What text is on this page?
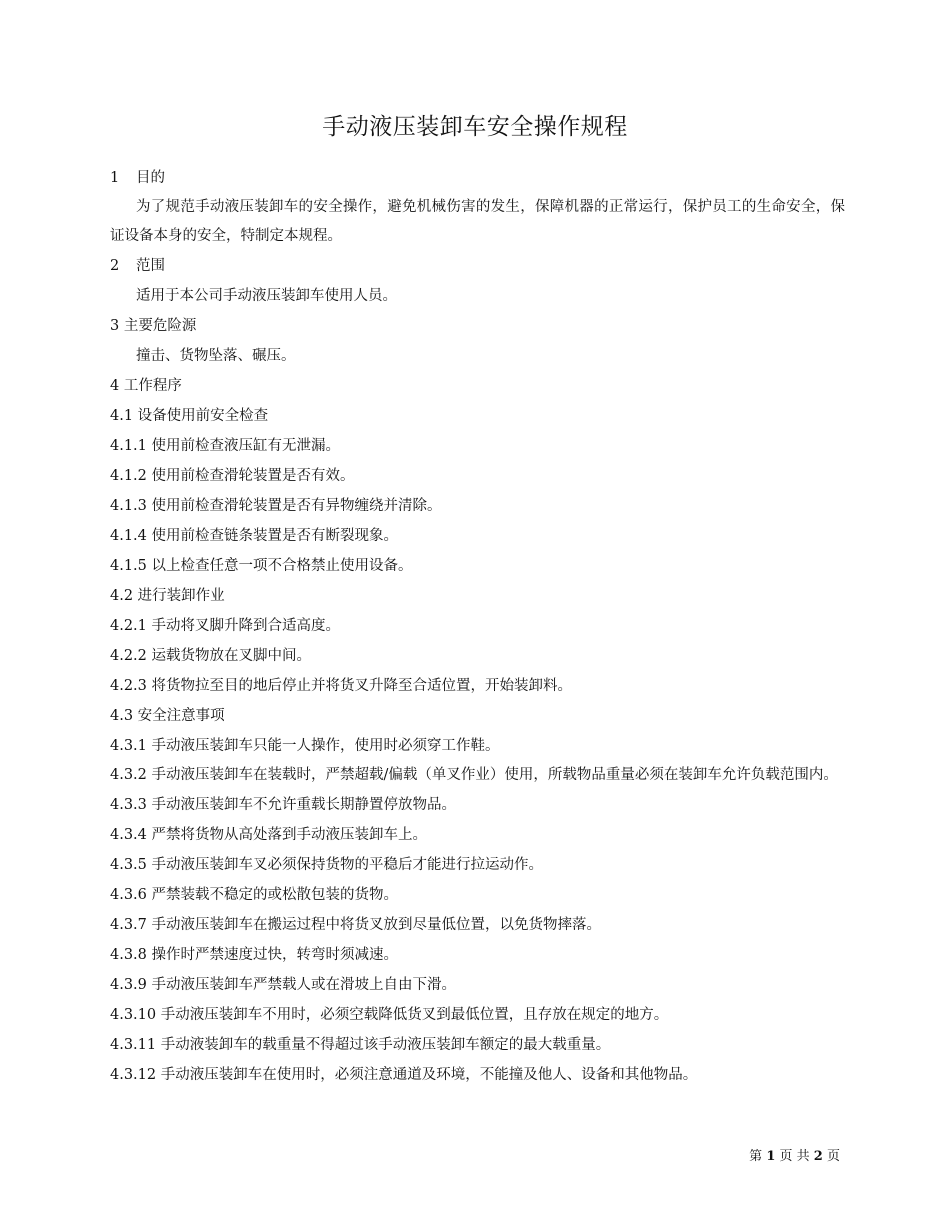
手动液压装卸车安全操作规程
1 目的
为了规范手动液压装卸车的安全操作，避免机械伤害的发生，保障机器的正常运行，保护员工的生命安全，保证设备本身的安全，特制定本规程。
2 范围
适用于本公司手动液压装卸车使用人员。
3 主要危险源
撞击、货物坠落、碾压。
4 工作程序
4.1 设备使用前安全检查
4.1.1 使用前检查液压缸有无泄漏。
4.1.2 使用前检查滑轮装置是否有效。
4.1.3 使用前检查滑轮装置是否有异物缠绕并清除。
4.1.4 使用前检查链条装置是否有断裂现象。
4.1.5 以上检查任意一项不合格禁止使用设备。
4.2 进行装卸作业
4.2.1 手动将叉脚升降到合适高度。
4.2.2 运载货物放在叉脚中间。
4.2.3 将货物拉至目的地后停止并将货叉升降至合适位置，开始装卸料。
4.3 安全注意事项
4.3.1 手动液压装卸车只能一人操作，使用时必须穿工作鞋。
4.3.2 手动液压装卸车在装载时，严禁超载/偏载（单叉作业）使用，所载物品重量必须在装卸车允许负载范围内。
4.3.3 手动液压装卸车不允许重载长期静置停放物品。
4.3.4 严禁将货物从高处落到手动液压装卸车上。
4.3.5 手动液压装卸车叉必须保持货物的平稳后才能进行拉运动作。
4.3.6 严禁装载不稳定的或松散包装的货物。
4.3.7 手动液压装卸车在搬运过程中将货叉放到尽量低位置，以免货物摔落。
4.3.8 操作时严禁速度过快，转弯时须减速。
4.3.9 手动液压装卸车严禁载人或在滑坡上自由下滑。
4.3.10 手动液压装卸车不用时，必须空载降低货叉到最低位置，且存放在规定的地方。
4.3.11 手动液装卸车的载重量不得超过该手动液压装卸车额定的最大载重量。
4.3.12 手动液压装卸车在使用时，必须注意通道及环境，不能撞及他人、设备和其他物品。
第 1 页 共 2 页
